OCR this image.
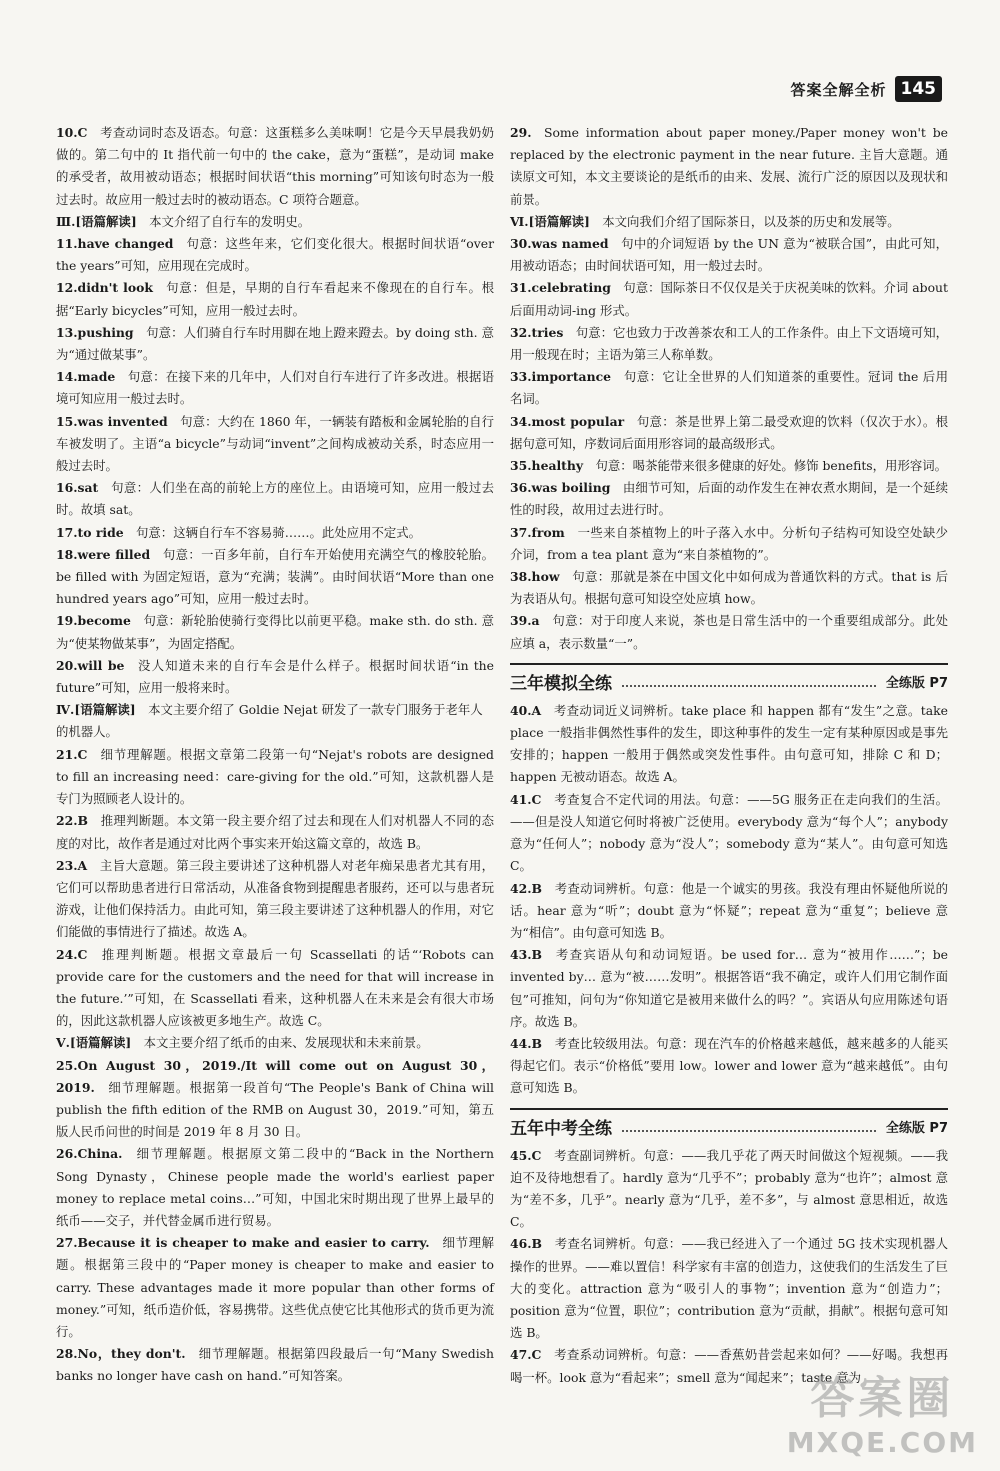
答案全解全析 145
10.C  考查动词时态及语态。句意：这蛋糕多么美味啊！它是今天早晨我奶奶做的。第二句中的 It 指代前一句中的 the cake，意为“蛋糕”，是动词 make 的承受者，故用被动语态；根据时间状语“this morning”可知该句时态为一般过去时。故应用一般过去时的被动语态。C 项符合题意。
Ⅲ.[语篇解读]  本文介绍了自行车的发明史。
11.have changed  句意：这些年来，它们变化很大。根据时间状语“over the years”可知，应用现在完成时。
12.didn't look  句意：但是，早期的自行车看起来不像现在的自行车。根据“Early bicycles”可知，应用一般过去时。
13.pushing  句意：人们骑自行车时用脚在地上蹬来蹬去。by doing sth. 意为“通过做某事”。
14.made  句意：在接下来的几年中，人们对自行车进行了许多改进。根据语境可知应用一般过去时。
15.was invented  句意：大约在 1860 年，一辆装有踏板和金属轮胎的自行车被发明了。主语“a bicycle”与动词“invent”之间构成被动关系，时态应用一般过去时。
16.sat  句意：人们坐在高的前轮上方的座位上。由语境可知，应用一般过去时。故填 sat。
17.to ride  句意：这辆自行车不容易骑……。此处应用不定式。
18.were filled  句意：一百多年前，自行车开始使用充满空气的橡胶轮胎。be filled with 为固定短语，意为“充满；装满”。由时间状语“More than one hundred years ago”可知，应用一般过去时。
19.become  句意：新轮胎使骑行变得比以前更平稳。make sth. do sth. 意为“使某物做某事”，为固定搭配。
20.will be  没人知道未来的自行车会是什么样子。根据时间状语“in the future”可知，应用一般将来时。
Ⅳ.[语篇解读]  本文主要介绍了 Goldie Nejat 研发了一款专门服务于老年人的机器人。
21.C  细节理解题。根据文章第二段第一句“Nejat's robots are designed to fill an increasing need：care-giving for the old.”可知，这款机器人是专门为照顾老人设计的。
22.B  推理判断题。本文第一段主要介绍了过去和现在人们对机器人不同的态度的对比，故作者是通过对比两个事实来开始这篇文章的，故选 B。
23.A  主旨大意题。第三段主要讲述了这种机器人对老年痴呆患者尤其有用，它们可以帮助患者进行日常活动，从准备食物到提醒患者服药，还可以与患者玩游戏，让他们保持活力。由此可知，第三段主要讲述了这种机器人的作用，对它们能做的事情进行了描述。故选 A。
24.C  推理判断题。根据文章最后一句 Scassellati 的话“‘Robots can provide care for the customers and the need for that will increase in the future.’”可知，在 Scassellati 看来，这种机器人在未来是会有很大市场的，因此这款机器人应该被更多地生产。故选 C。
Ⅴ.[语篇解读]  本文主要介绍了纸币的由来、发展现状和未来前景。
25.On August 30，2019./It will come out on August 30，2019.  细节理解题。根据第一段首句“The People's Bank of China will publish the fifth edition of the RMB on August 30，2019.”可知，第五版人民币问世的时间是 2019 年 8 月 30 日。
26.China.  细节理解题。根据原文第二段中的“Back in the Northern Song Dynasty，Chinese people made the world's earliest paper money to replace metal coins…”可知，中国北宋时期出现了世界上最早的纸币——交子，并代替金属币进行贸易。
27.Because it is cheaper to make and easier to carry.  细节理解题。根据第三段中的“Paper money is cheaper to make and easier to carry. These advantages made it more popular than other forms of money.”可知，纸币造价低，容易携带。这些优点使它比其他形式的货币更为流行。
28.No，they don't.  细节理解题。根据第四段最后一句“Many Swedish banks no longer have cash on hand.”可知答案。
29.  Some information about paper money./Paper money won't be replaced by the electronic payment in the near future. 主旨大意题。通读原文可知，本文主要谈论的是纸币的由来、发展、流行广泛的原因以及现状和前景。
Ⅵ.[语篇解读]  本文向我们介绍了国际茶日，以及茶的历史和发展等。
30.was named  句中的介词短语 by the UN 意为“被联合国”，由此可知，用被动语态；由时间状语可知，用一般过去时。
31.celebrating  句意：国际茶日不仅仅是关于庆祝美味的饮料。介词 about 后面用动词-ing 形式。
32.tries  句意：它也致力于改善茶农和工人的工作条件。由上下文语境可知，用一般现在时；主语为第三人称单数。
33.importance  句意：它让全世界的人们知道茶的重要性。冠词 the 后用名词。
34.most popular  句意：茶是世界上第二最受欢迎的饮料（仅次于水）。根据句意可知，序数词后面用形容词的最高级形式。
35.healthy  句意：喝茶能带来很多健康的好处。修饰 benefits，用形容词。
36.was boiling  由细节可知，后面的动作发生在神农煮水期间，是一个延续性的时段，故用过去进行时。
37.from  一些来自茶植物上的叶子落入水中。分析句子结构可知设空处缺少介词，from a tea plant 意为“来自茶植物的”。
38.how  句意：那就是茶在中国文化中如何成为普通饮料的方式。that is 后为表语从句。根据句意可知设空处应填 how。
39.a  句意：对于印度人来说，茶也是日常生活中的一个重要组成部分。此处应填 a，表示数量“一”。
三年模拟全练	全练版 P7
40.A  考查动词近义词辨析。take place 和 happen 都有“发生”之意。take place 一般指非偶然性事件的发生，即这种事件的发生一定有某种原因或是事先安排的；happen 一般用于偶然或突发性事件。由句意可知，排除 C 和 D；happen 无被动语态。故选 A。
41.C  考查复合不定代词的用法。句意：——5G 服务正在走向我们的生活。——但是没人知道它何时将被广泛使用。everybody 意为“每个人”；anybody 意为“任何人”；nobody 意为“没人”；somebody 意为“某人”。由句意可知选 C。
42.B  考查动词辨析。句意：他是一个诚实的男孩。我没有理由怀疑他所说的话。hear 意为“听”；doubt 意为“怀疑”；repeat 意为“重复”；believe 意为“相信”。由句意可知选 B。
43.B  考查宾语从句和动词短语。be used for… 意为“被用作……”；be invented by… 意为“被……发明”。根据答语“我不确定，或许人们用它制作面包”可推知，问句为“你知道它是被用来做什么的吗？”。宾语从句应用陈述句语序。故选 B。
44.B  考查比较级用法。句意：现在汽车的价格越来越低，越来越多的人能买得起它们。表示“价格低”要用 low。lower and lower 意为“越来越低”。由句意可知选 B。
五年中考全练	全练版 P7
45.C  考查副词辨析。句意：——我几乎花了两天时间做这个短视频。——我迫不及待地想看了。hardly 意为“几乎不”；probably 意为“也许”；almost 意为“差不多，几乎”。nearly 意为“几乎，差不多”，与 almost 意思相近，故选 C。
46.B  考查名词辨析。句意：——我已经进入了一个通过 5G 技术实现机器人操作的世界。——难以置信！科学家有丰富的创造力，这使我们的生活发生了巨大的变化。attraction 意为“吸引人的事物”；invention 意为“创造力”；position 意为“位置，职位”；contribution 意为“贡献，捐献”。根据句意可知选 B。
47.C  考查系动词辨析。句意：——香蕉奶昔尝起来如何？——好喝。我想再喝一杯。look 意为“看起来”；smell 意为“闻起来”；taste 意为
答案圈
MXQE.COM
